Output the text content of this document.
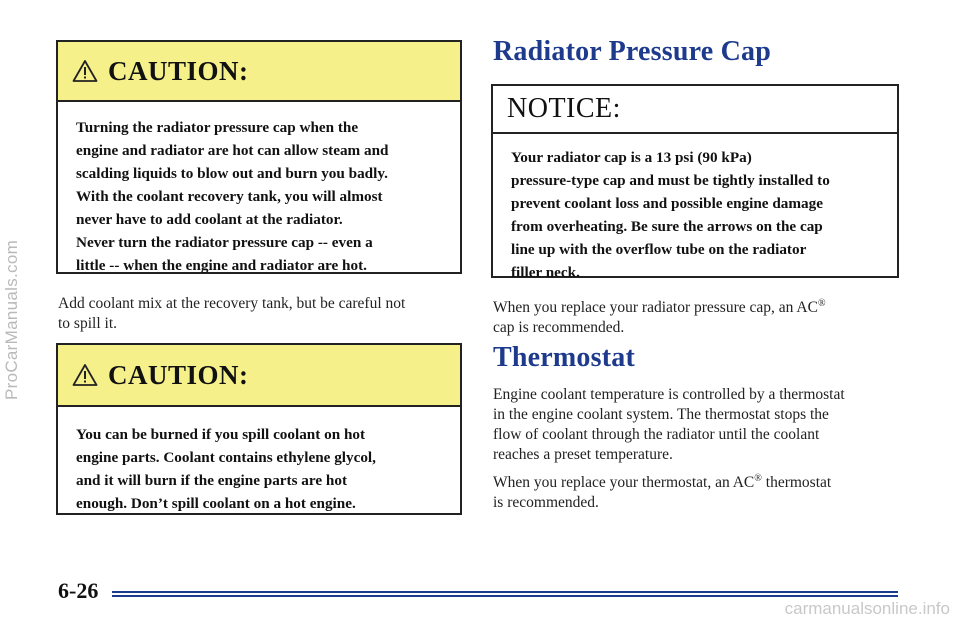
ProCarManuals.com
CAUTION:
Turning the radiator pressure cap when the
engine and radiator are hot can allow steam and
scalding liquids to blow out and burn you badly.
With the coolant recovery tank, you will almost
never have to add coolant at the radiator.
Never turn the radiator pressure cap -- even a
little -- when the engine and radiator are hot.
Add coolant mix at the recovery tank, but be careful not
to spill it.
CAUTION:
You can be burned if you spill coolant on hot
engine parts. Coolant contains ethylene glycol,
and it will burn if the engine parts are hot
enough. Don’t spill coolant on a hot engine.
Radiator Pressure Cap
NOTICE:
Your radiator cap is a 13 psi (90 kPa)
pressure-type cap and must be tightly installed to
prevent coolant loss and possible engine damage
from overheating. Be sure the arrows on the cap
line up with the overflow tube on the radiator
filler neck.
When you replace your radiator pressure cap, an AC®
cap is recommended.
Thermostat
Engine coolant temperature is controlled by a thermostat
in the engine coolant system. The thermostat stops the
flow of coolant through the radiator until the coolant
reaches a preset temperature.
When you replace your thermostat, an AC® thermostat
is recommended.
6-26
carmanualsonline.info
